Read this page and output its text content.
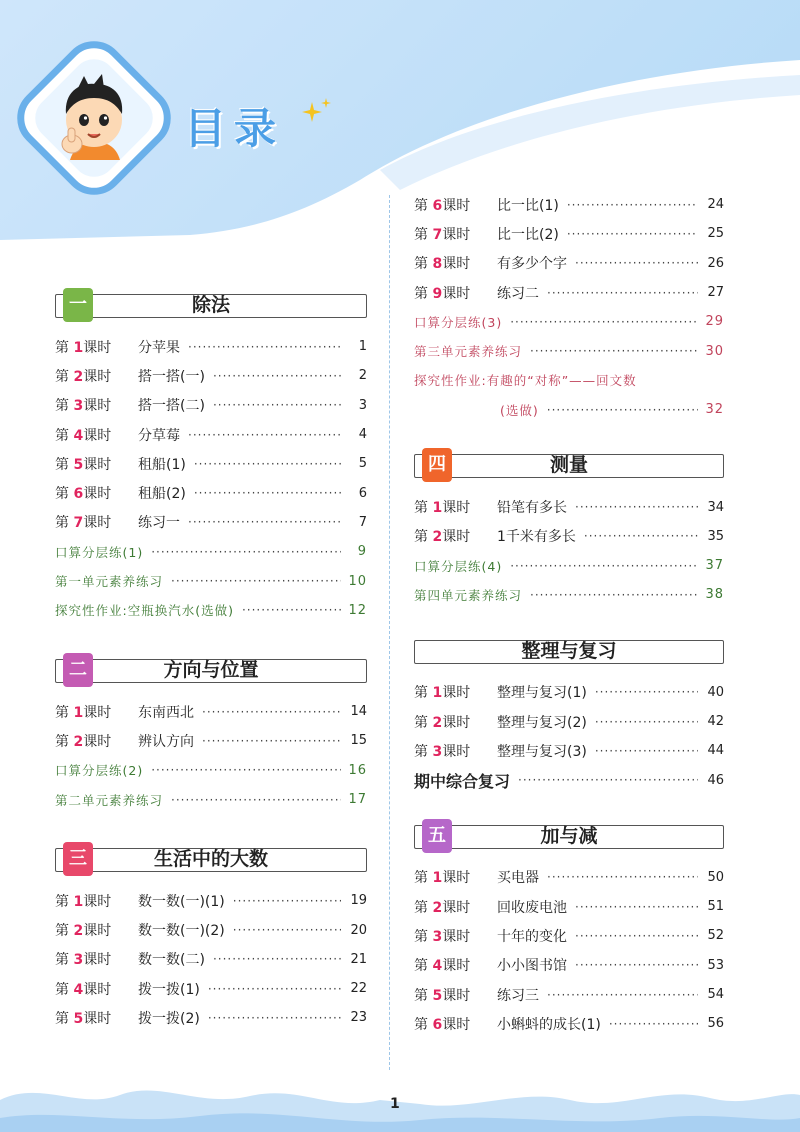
目录
除法
一
第 1课时	分苹果 ·····	1
第 2课时	搭一搭(一) ·····	2
第 3课时	搭一搭(二) ·····	3
第 4课时	分草莓 ·····	4
第 5课时	租船(1) ·····	5
第 6课时	租船(2) ·····	6
第 7课时	练习一 ·····	7
口算分层练(1) ·····	9
第一单元素养练习 ·····	10
探究性作业:空瓶换汽水(选做) ·····	12
方向与位置
二
第 1课时	东南西北 ·····	14
第 2课时	辨认方向 ·····	15
口算分层练(2) ·····	16
第二单元素养练习 ·····	17
生活中的大数
三
第 1课时	数一数(一)(1) ·····	19
第 2课时	数一数(一)(2) ·····	20
第 3课时	数一数(二) ·····	21
第 4课时	拨一拨(1) ·····	22
第 5课时	拨一拨(2) ·····	23
第 6课时	比一比(1) ·····	24
第 7课时	比一比(2) ·····	25
第 8课时	有多少个字 ·····	26
第 9课时	练习二 ·····	27
口算分层练(3) ·····	29
第三单元素养练习 ·····	30
探究性作业:有趣的“对称”——回文数
(选做) ·····	32
测量
四
第 1课时	铅笔有多长 ·····	34
第 2课时	1千米有多长 ·····	35
口算分层练(4) ·····	37
第四单元素养练习 ·····	38
整理与复习
第 1课时	整理与复习(1) ·····	40
第 2课时	整理与复习(2) ·····	42
第 3课时	整理与复习(3) ·····	44
期中综合复习 ·····	46
加与减
五
第 1课时	买电器 ·····	50
第 2课时	回收废电池 ·····	51
第 3课时	十年的变化 ·····	52
第 4课时	小小图书馆 ·····	53
第 5课时	练习三 ·····	54
第 6课时	小蝌蚪的成长(1) ·····	56
1
